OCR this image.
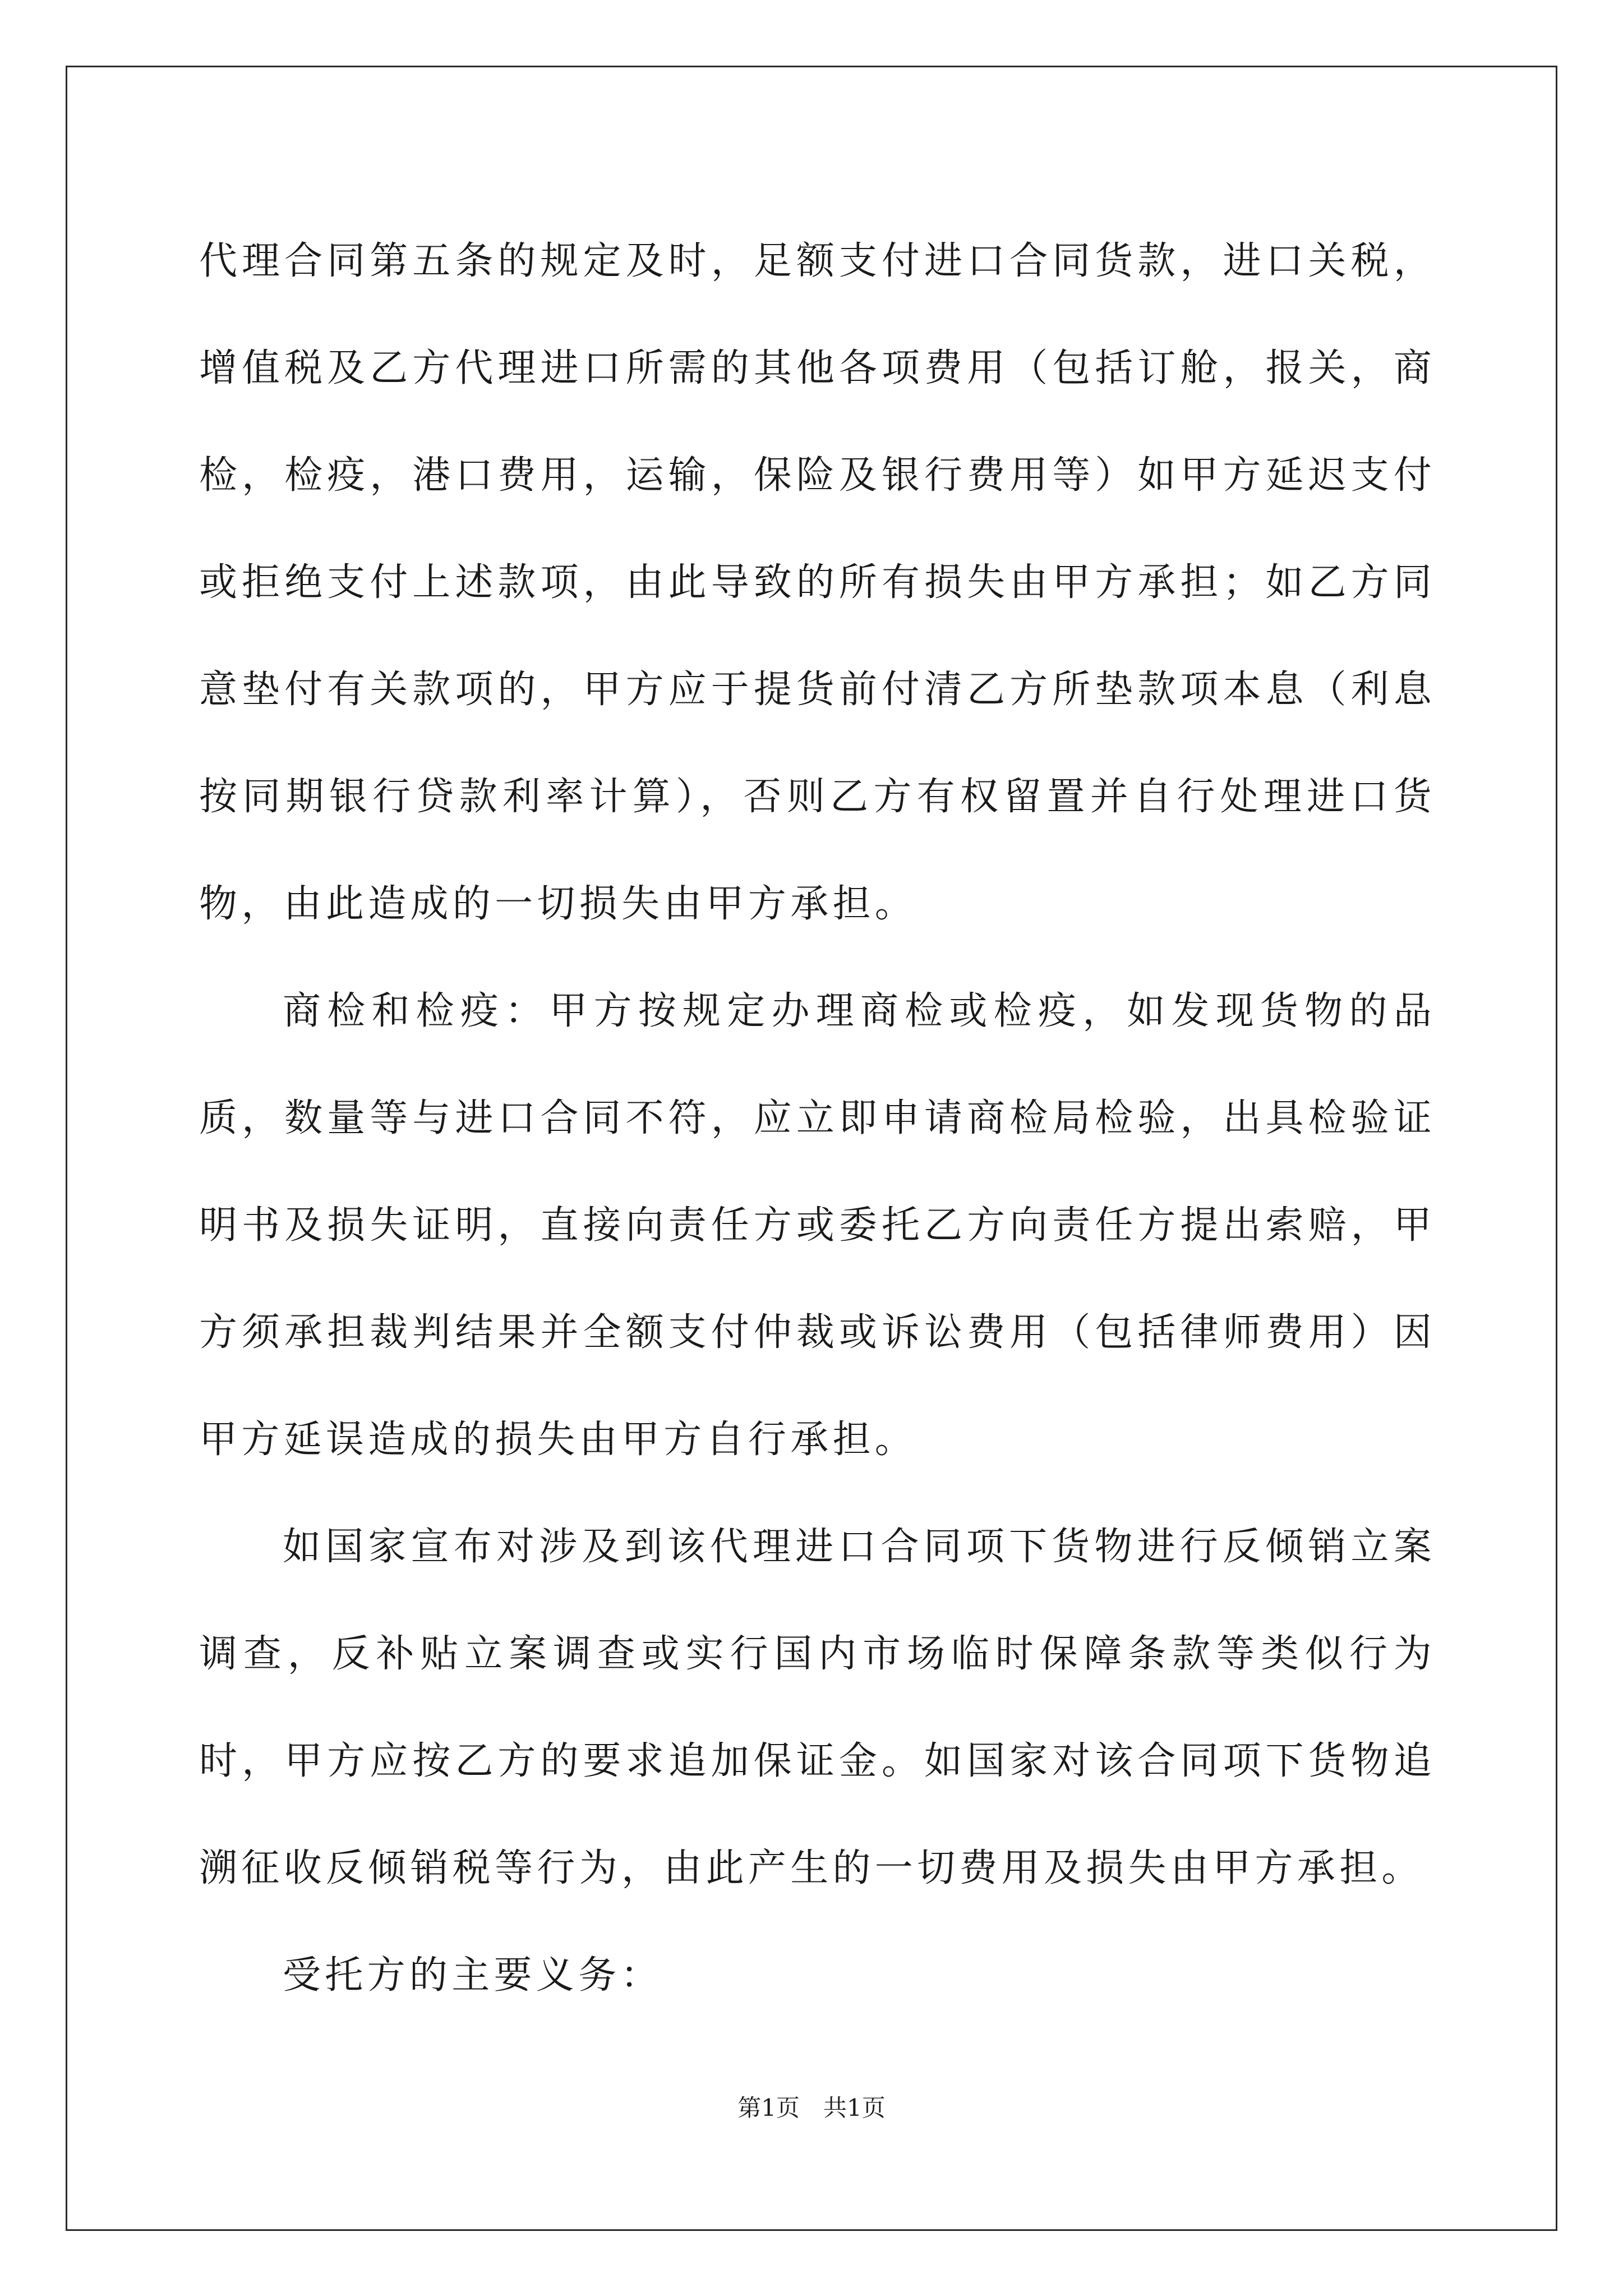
代理合同第五条的规定及时，足额支付进口合同货款，进口关税，增值税及乙方代理进口所需的其他各项费用（包括订舱，报关，商检，检疫，港口费用，运输，保险及银行费用等）如甲方延迟支付或拒绝支付上述款项，由此导致的所有损失由甲方承担；如乙方同意垫付有关款项的，甲方应于提货前付清乙方所垫款项本息（利息按同期银行贷款利率计算），否则乙方有权留置并自行处理进口货物，由此造成的一切损失由甲方承担。

商检和检疫：甲方按规定办理商检或检疫，如发现货物的品质，数量等与进口合同不符，应立即申请商检局检验，出具检验证明书及损失证明，直接向责任方或委托乙方向责任方提出索赔，甲方须承担裁判结果并全额支付仲裁或诉讼费用（包括律师费用）因甲方延误造成的损失由甲方自行承担。

如国家宣布对涉及到该代理进口合同项下货物进行反倾销立案调查，反补贴立案调查或实行国内市场临时保障条款等类似行为时，甲方应按乙方的要求追加保证金。如国家对该合同项下货物追溯征收反倾销税等行为，由此产生的一切费用及损失由甲方承担。

受托方的主要义务：

第1页　共1页
